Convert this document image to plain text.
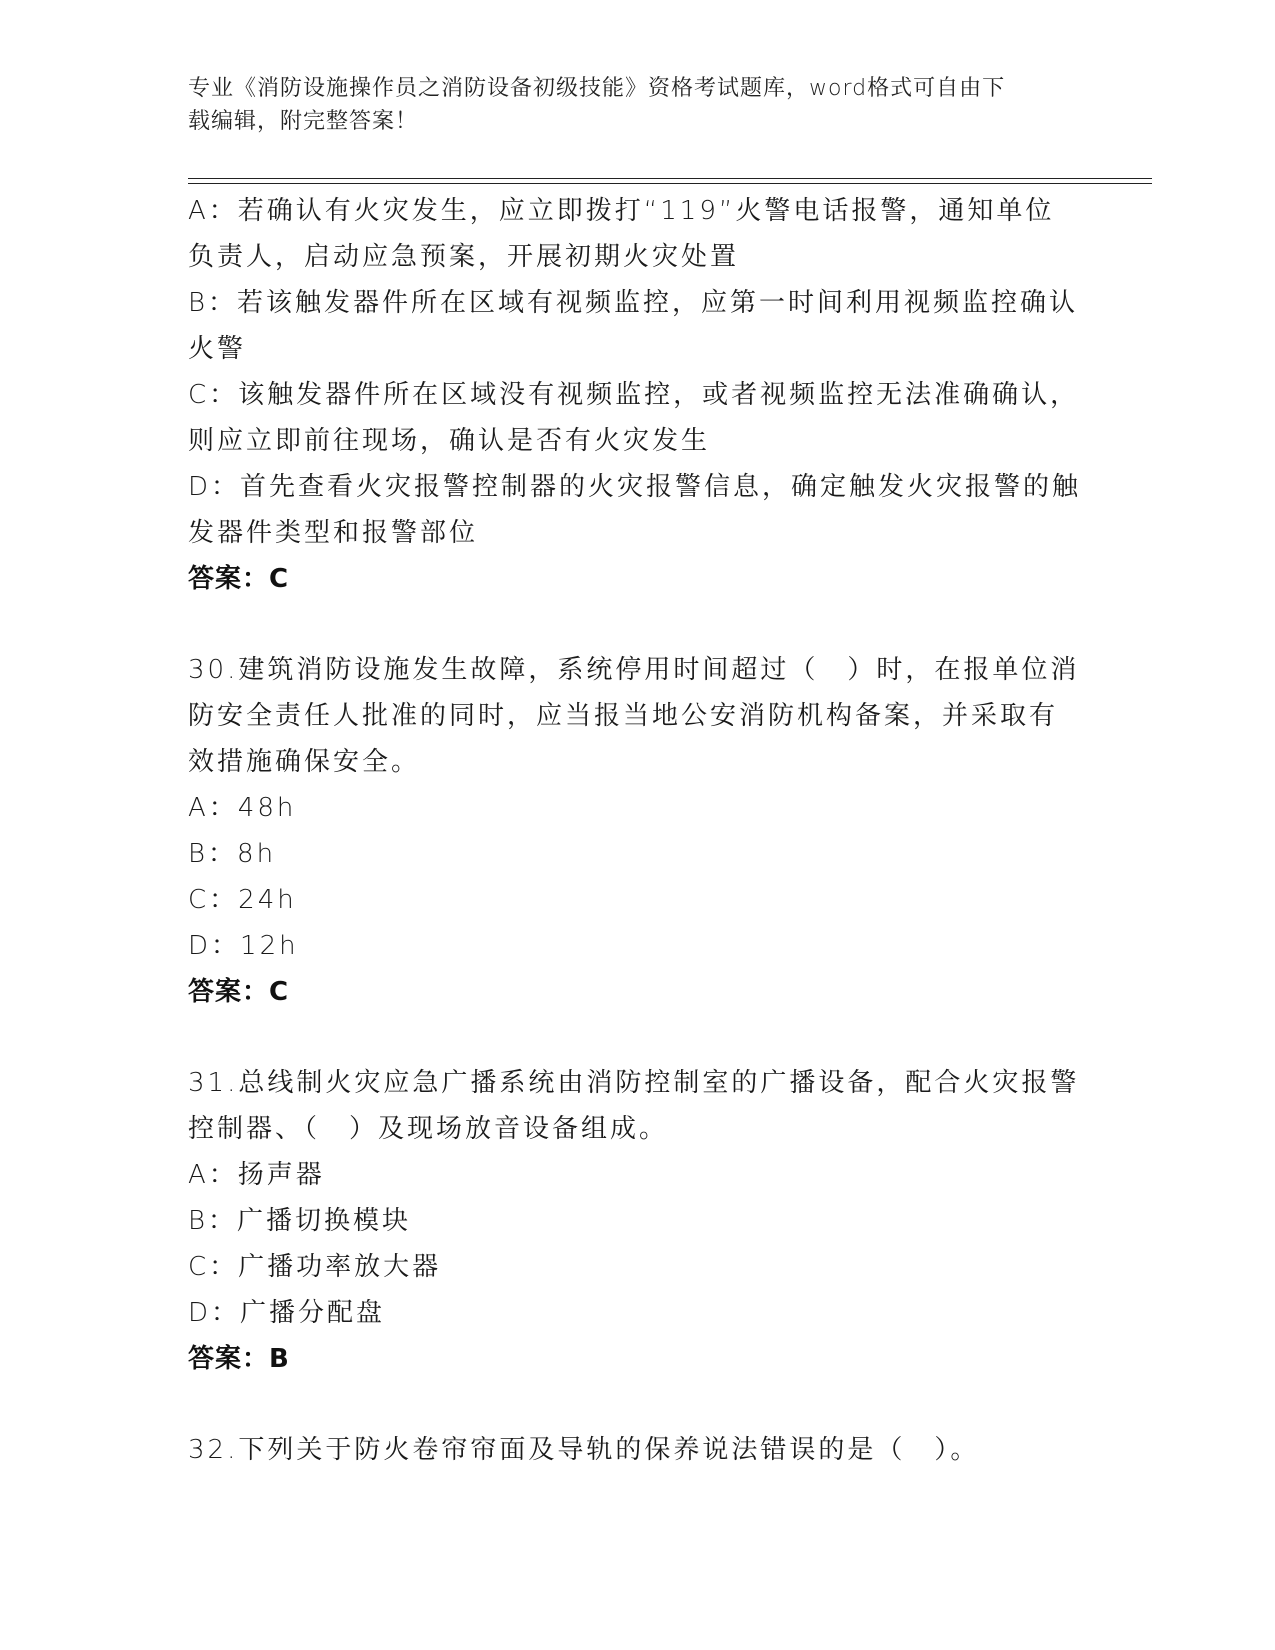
专业《消防设施操作员之消防设备初级技能》资格考试题库，word格式可自由下
载编辑，附完整答案！
A：若确认有火灾发生，应立即拨打“119”火警电话报警，通知单位
负责人，启动应急预案，开展初期火灾处置
B：若该触发器件所在区域有视频监控，应第一时间利用视频监控确认
火警
C：该触发器件所在区域没有视频监控，或者视频监控无法准确确认，
则应立即前往现场，确认是否有火灾发生
D：首先查看火灾报警控制器的火灾报警信息，确定触发火灾报警的触
发器件类型和报警部位
答案：C
30.建筑消防设施发生故障，系统停用时间超过（　）时，在报单位消
防安全责任人批准的同时，应当报当地公安消防机构备案，并采取有
效措施确保安全。
A：48h
B：8h
C：24h
D：12h
答案：C
31.总线制火灾应急广播系统由消防控制室的广播设备，配合火灾报警
控制器、（　）及现场放音设备组成。
A：扬声器
B：广播切换模块
C：广播功率放大器
D：广播分配盘
答案：B
32.下列关于防火卷帘帘面及导轨的保养说法错误的是（　）。
